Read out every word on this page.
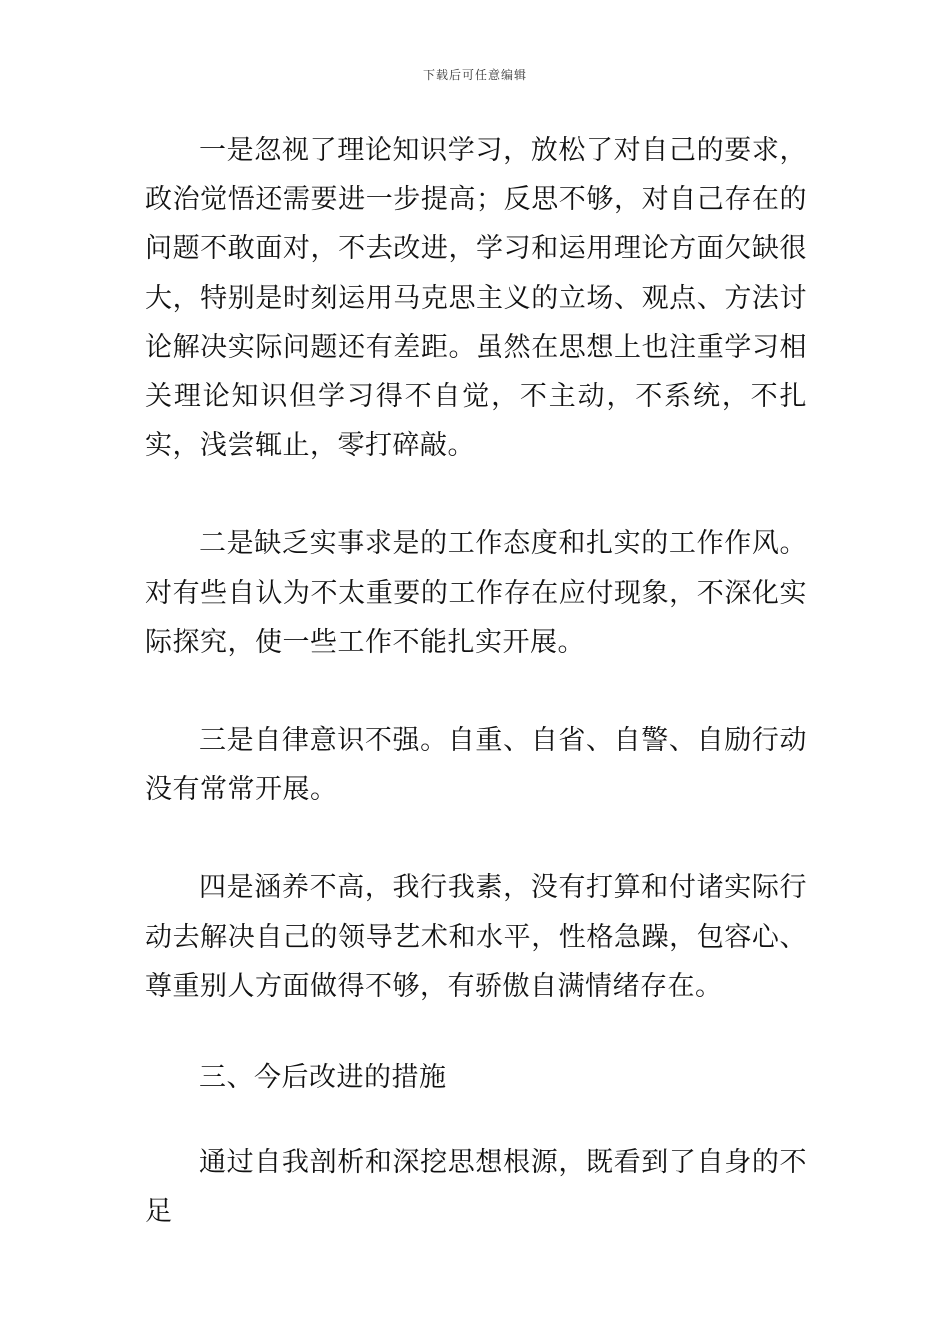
下载后可任意编辑

一是忽视了理论知识学习，放松了对自己的要求，政治觉悟还需要进一步提高；反思不够，对自己存在的问题不敢面对，不去改进，学习和运用理论方面欠缺很大，特别是时刻运用马克思主义的立场、观点、方法讨论解决实际问题还有差距。虽然在思想上也注重学习相关理论知识但学习得不自觉，不主动，不系统，不扎实，浅尝辄止，零打碎敲。

二是缺乏实事求是的工作态度和扎实的工作作风。对有些自认为不太重要的工作存在应付现象，不深化实际探究，使一些工作不能扎实开展。

三是自律意识不强。自重、自省、自警、自励行动没有常常开展。

四是涵养不高，我行我素，没有打算和付诸实际行动去解决自己的领导艺术和水平，性格急躁，包容心、尊重别人方面做得不够，有骄傲自满情绪存在。

三、今后改进的措施

通过自我剖析和深挖思想根源，既看到了自身的不足
